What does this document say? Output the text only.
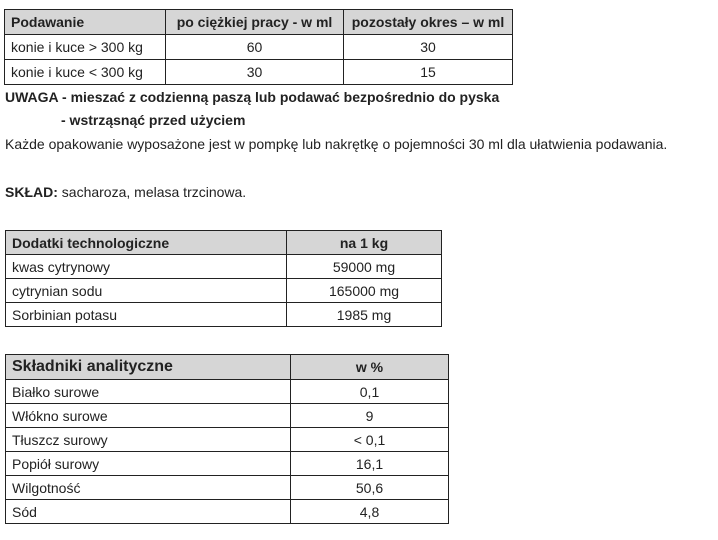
Podawanie	po ciężkiej pracy - w ml	pozostały okres – w ml
konie i kuce > 300 kg	60	30
konie i kuce < 300 kg	30	15
UWAGA - mieszać z codzienną paszą lub podawać bezpośrednio do pyska
- wstrząsnąć przed użyciem
Każde opakowanie wyposażone jest w pompkę lub nakrętkę o pojemności 30 ml dla ułatwienia podawania.
SKŁAD: sacharoza, melasa trzcinowa.
Dodatki technologiczne	na 1 kg
kwas cytrynowy	59000 mg
cytrynian sodu	165000 mg
Sorbinian potasu	1985 mg
Składniki analityczne	w %
Białko surowe	0,1
Włókno surowe	9
Tłuszcz surowy	< 0,1
Popiół surowy	16,1
Wilgotność	50,6
Sód	4,8
